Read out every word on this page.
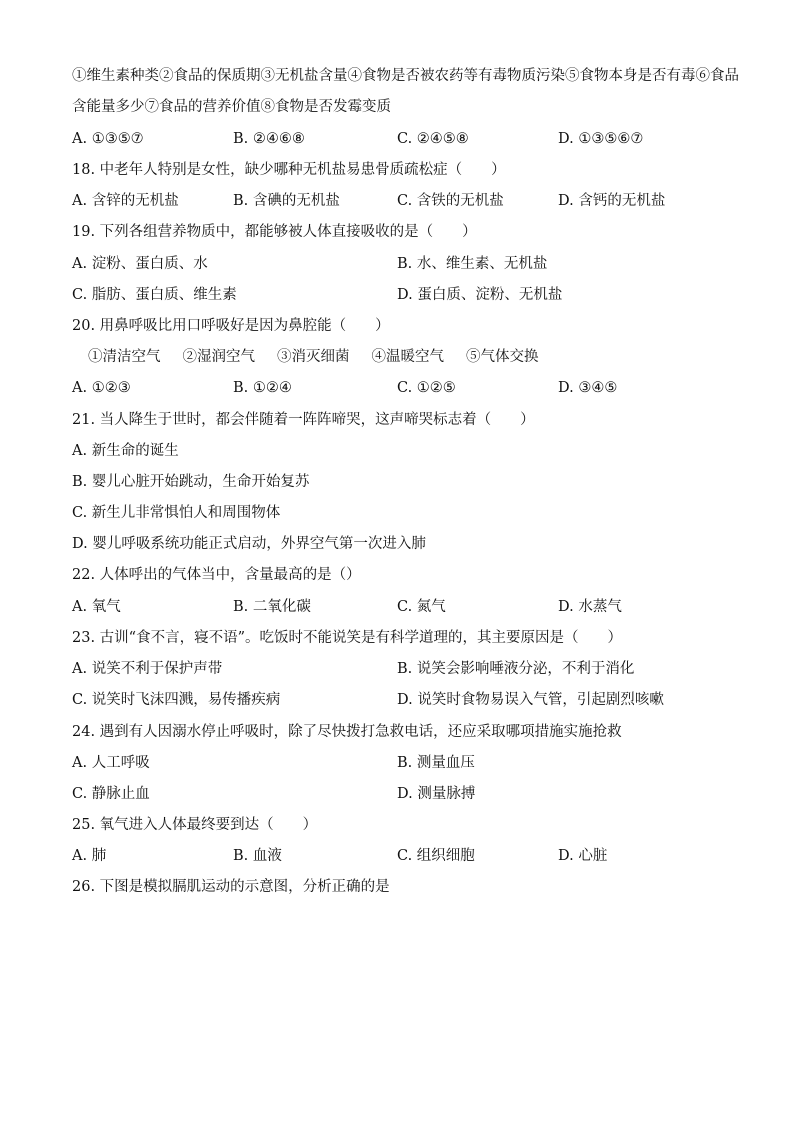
①维生素种类②食品的保质期③无机盐含量④食物是否被农药等有毒物质污染⑤食物本身是否有毒⑥食品
含能量多少⑦食品的营养价值⑧食物是否发霉变质
A. ①③⑤⑦	B. ②④⑥⑧	C. ②④⑤⑧	D. ①③⑤⑥⑦
18. 中老年人特别是女性，缺少哪种无机盐易患骨质疏松症（　　）
A. 含锌的无机盐	B. 含碘的无机盐	C. 含铁的无机盐	D. 含钙的无机盐
19. 下列各组营养物质中，都能够被人体直接吸收的是（　　）
A. 淀粉、蛋白质、水	B. 水、维生素、无机盐
C. 脂肪、蛋白质、维生素	D. 蛋白质、淀粉、无机盐
20. 用鼻呼吸比用口呼吸好是因为鼻腔能（　　）
①清洁空气 ②湿润空气 ③消灭细菌 ④温暖空气 ⑤气体交换
A. ①②③	B. ①②④	C. ①②⑤	D. ③④⑤
21. 当人降生于世时，都会伴随着一阵阵啼哭，这声啼哭标志着（　　）
A. 新生命的诞生
B. 婴儿心脏开始跳动，生命开始复苏
C. 新生儿非常惧怕人和周围物体
D. 婴儿呼吸系统功能正式启动，外界空气第一次进入肺
22. 人体呼出的气体当中，含量最高的是（）
A. 氧气	B. 二氧化碳	C. 氮气	D. 水蒸气
23. 古训“食不言，寝不语”。吃饭时不能说笑是有科学道理的，其主要原因是（　　）
A. 说笑不利于保护声带	B. 说笑会影响唾液分泌，不利于消化
C. 说笑时飞沫四溅，易传播疾病	D. 说笑时食物易误入气管，引起剧烈咳嗽
24. 遇到有人因溺水停止呼吸时，除了尽快拨打急救电话，还应采取哪项措施实施抢救
A. 人工呼吸	B. 测量血压
C. 静脉止血	D. 测量脉搏
25. 氧气进入人体最终要到达（　　）
A. 肺	B. 血液	C. 组织细胞	D. 心脏
26. 下图是模拟膈肌运动的示意图，分析正确的是
